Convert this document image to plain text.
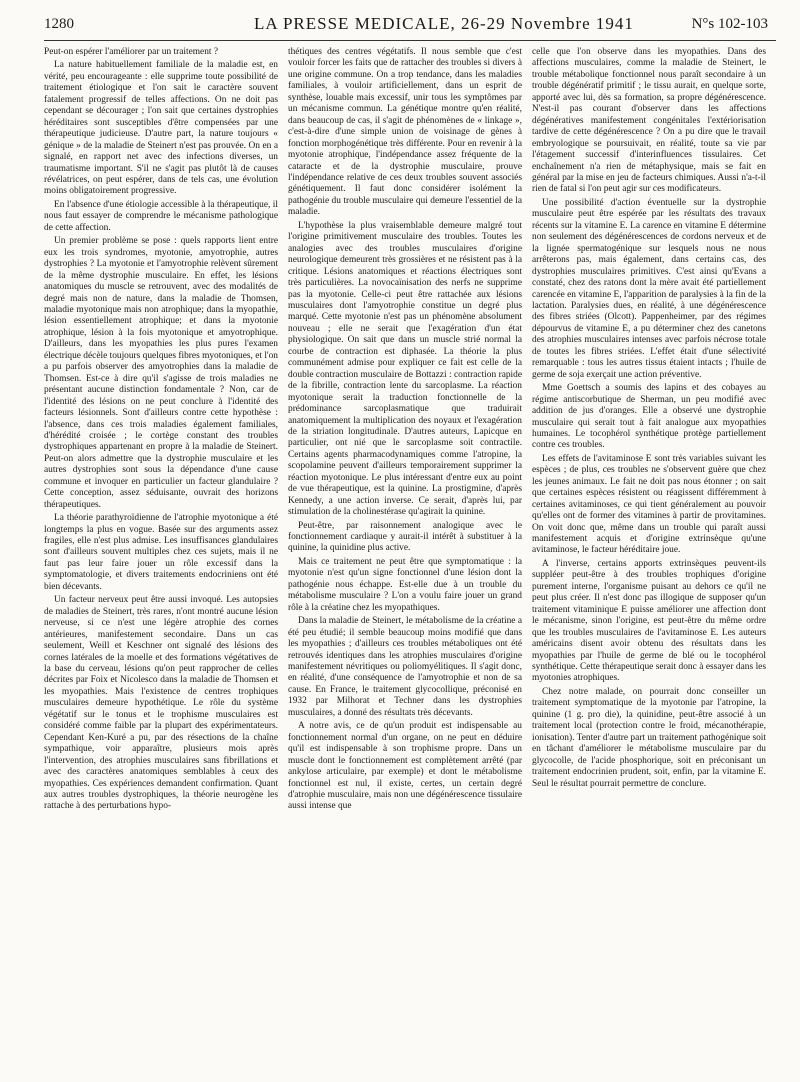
1280	LA PRESSE MEDICALE, 26-29 Novembre 1941	N°s 102-103

Peut-on espérer l'améliorer par un traitement ?

La nature habituellement familiale de la maladie est, en vérité, peu encourageante : elle supprime toute possibilité de traitement étiologique et l'on sait le caractère souvent fatalement progressif de telles affections. On ne doit pas cependant se décourager ; l'on sait que certaines dystrophies héréditaires sont susceptibles d'être compensées par une thérapeutique judicieuse. D'autre part, la nature toujours « génique » de la maladie de Steinert n'est pas prouvée. On en a signalé, en rapport net avec des infections diverses, un traumatisme important. S'il ne s'agit pas plutôt là de causes révélatrices, on peut espérer, dans de tels cas, une évolution moins obligatoirement progressive.

En l'absence d'une étiologie accessible à la thérapeutique, il nous faut essayer de comprendre le mécanisme pathologique de cette affection.

Un premier problème se pose : quels rapports lient entre eux les trois syndromes, myotonie, amyotrophie, autres dystrophies ? La myotonie et l'amyotrophie relèvent sûrement de la même dystrophie musculaire. En effet, les lésions anatomiques du muscle se retrouvent, avec des modalités de degré mais non de nature, dans la maladie de Thomsen, maladie myotonique mais non atrophique; dans la myopathie, lésion essentiellement atrophique; et dans la myotonie atrophique, lésion à la fois myotonique et amyotrophique. D'ailleurs, dans les myopathies les plus pures l'examen électrique décèle toujours quelques fibres myotoniques, et l'on a pu parfois observer des amyotrophies dans la maladie de Thomsen. Est-ce à dire qu'il s'agisse de trois maladies ne présentant aucune distinction fondamentale ? Non, car de l'identité des lésions on ne peut conclure à l'identité des facteurs lésionnels. Sont d'ailleurs contre cette hypothèse : l'absence, dans ces trois maladies également familiales, d'hérédité croisée ; le cortège constant des troubles dystrophiques appartenant en propre à la maladie de Steinert. Peut-on alors admettre que la dystrophie musculaire et les autres dystrophies sont sous la dépendance d'une cause commune et invoquer en particulier un facteur glandulaire ? Cette conception, assez séduisante, ouvrait des horizons thérapeutiques.

La théorie parathyroïdienne de l'atrophie myotonique a été longtemps la plus en vogue. Basée sur des arguments assez fragiles, elle n'est plus admise. Les insuffisances glandulaires sont d'ailleurs souvent multiples chez ces sujets, mais il ne faut pas leur faire jouer un rôle excessif dans la symptomatologie, et divers traitements endocriniens ont été bien décevants.

Un facteur nerveux peut être aussi invoqué. Les autopsies de maladies de Steinert, très rares, n'ont montré aucune lésion nerveuse, si ce n'est une légère atrophie des cornes antérieures, manifestement secondaire. Dans un cas seulement, Weill et Keschner ont signalé des lésions des cornes latérales de la moelle et des formations végétatives de la base du cerveau, lésions qu'on peut rapprocher de celles décrites par Foix et Nicolesco dans la maladie de Thomsen et les myopathies. Mais l'existence de centres trophiques musculaires demeure hypothétique. Le rôle du système végétatif sur le tonus et le trophisme musculaires est considéré comme faible par la plupart des expérimentateurs. Cependant Ken-Kuré a pu, par des résections de la chaîne sympathique, voir apparaître, plusieurs mois après l'intervention, des atrophies musculaires sans fibrillations et avec des caractères anatomiques semblables à ceux des myopathies. Ces expériences demandent confirmation. Quant aux autres troubles dystrophiques, la théorie neurogène les rattache à des perturbations hypo-

thétiques des centres végétatifs. Il nous semble que c'est vouloir forcer les faits que de rattacher des troubles si divers à une origine commune. On a trop tendance, dans les maladies familiales, à vouloir artificiellement, dans un esprit de synthèse, louable mais excessif, unir tous les symptômes par un mécanisme commun. La génétique montre qu'en réalité, dans beaucoup de cas, il s'agit de phénomènes de « linkage », c'est-à-dire d'une simple union de voisinage de gènes à fonction morphogénétique très différente. Pour en revenir à la myotonie atrophique, l'indépendance assez fréquente de la cataracte et de la dystrophie musculaire, prouve l'indépendance relative de ces deux troubles souvent associés génétiquement. Il faut donc considérer isolément la pathogénie du trouble musculaire qui demeure l'essentiel de la maladie.

L'hypothèse la plus vraisemblable demeure malgré tout l'origine primitivement musculaire des troubles. Toutes les analogies avec des troubles musculaires d'origine neurologique demeurent très grossières et ne résistent pas à la critique. Lésions anatomiques et réactions électriques sont très particulières. La novocaïnisation des nerfs ne supprime pas la myotonie. Celle-ci peut être rattachée aux lésions musculaires dont l'amyotrophie constitue un degré plus marqué. Cette myotonie n'est pas un phénomène absolument nouveau ; elle ne serait que l'exagération d'un état physiologique. On sait que dans un muscle strié normal la courbe de contraction est diphasée. La théorie la plus communément admise pour expliquer ce fait est celle de la double contraction musculaire de Bottazzi : contraction rapide de la fibrille, contraction lente du sarcoplasme. La réaction myotonique serait la traduction fonctionnelle de la prédominance sarcoplasmatique que traduirait anatomiquement la multiplication des noyaux et l'exagération de la striation longitudinale. D'autres auteurs, Lapicque en particulier, ont nié que le sarcoplasme soit contractile. Certains agents pharmacodynamiques comme l'atropine, la scopolamine peuvent d'ailleurs temporairement supprimer la réaction myotonique. Le plus intéressant d'entre eux au point de vue thérapeutique, est la quinine. La prostigmine, d'après Kennedy, a une action inverse. Ce serait, d'après lui, par stimulation de la cholinestérase qu'agirait la quinine.

Peut-être, par raisonnement analogique avec le fonctionnement cardiaque y aurait-il intérêt à substituer à la quinine, la quinidine plus active.

Mais ce traitement ne peut être que symptomatique : la myotonie n'est qu'un signe fonctionnel d'une lésion dont la pathogénie nous échappe. Est-elle due à un trouble du métabolisme musculaire ? L'on a voulu faire jouer un grand rôle à la créatine chez les myopathiques.

Dans la maladie de Steinert, le métabolisme de la créatine a été peu étudié; il semble beaucoup moins modifié que dans les myopathies ; d'ailleurs ces troubles métaboliques ont été retrouvés identiques dans les atrophies musculaires d'origine manifestement névritiques ou poliomyélitiques. Il s'agit donc, en réalité, d'une conséquence de l'amyotrophie et non de sa cause. En France, le traitement glycocollique, préconisé en 1932 par Milhorat et Techner dans les dystrophies musculaires, a donné des résultats très décevants.

A notre avis, ce de qu'un produit est indispensable au fonctionnement normal d'un organe, on ne peut en déduire qu'il est indispensable à son trophisme propre. Dans un muscle dont le fonctionnement est complètement arrêté (par ankylose articulaire, par exemple) et dont le métabolisme fonctionnel est nul, il existe, certes, un certain degré d'atrophie musculaire, mais non une dégénérescence tissulaire aussi intense que

celle que l'on observe dans les myopathies. Dans des affections musculaires, comme la maladie de Steinert, le trouble métabolique fonctionnel nous paraît secondaire à un trouble dégénératif primitif ; le tissu aurait, en quelque sorte, apporté avec lui, dès sa formation, sa propre dégénérescence. N'est-il pas courant d'observer dans les affections dégénératives manifestement congénitales l'extériorisation tardive de cette dégénérescence ? On a pu dire que le travail embryologique se poursuivait, en réalité, toute sa vie par l'étagement successif d'interinfluences tissulaires. Cet enchaînement n'a rien de métaphysique, mais se fait en général par la mise en jeu de facteurs chimiques. Aussi n'a-t-il rien de fatal si l'on peut agir sur ces modificateurs.

Une possibilité d'action éventuelle sur la dystrophie musculaire peut être espérée par les résultats des travaux récents sur la vitamine E. La carence en vitamine E détermine non seulement des dégénérescences de cordons nerveux et de la lignée spermatogénique sur lesquels nous ne nous arrêterons pas, mais également, dans certains cas, des dystrophies musculaires primitives. C'est ainsi qu'Evans a constaté, chez des ratons dont la mère avait été partiellement carencée en vitamine E, l'apparition de paralysies à la fin de la lactation. Paralysies dues, en réalité, à une dégénérescence des fibres striées (Olcott). Pappenheimer, par des régimes dépourvus de vitamine E, a pu déterminer chez des canetons des atrophies musculaires intenses avec parfois nécrose totale de toutes les fibres striées. L'effet était d'une sélectivité remarquable : tous les autres tissus étaient intacts ; l'huile de germe de soja exerçait une action préventive.

Mme Goettsch a soumis des lapins et des cobayes au régime antiscorbutique de Sherman, un peu modifié avec addition de jus d'oranges. Elle a observé une dystrophie musculaire qui serait tout à fait analogue aux myopathies humaines. Le tocophérol synthétique protège partiellement contre ces troubles.

Les effets de l'avitaminose E sont très variables suivant les espèces ; de plus, ces troubles ne s'observent guère que chez les jeunes animaux. Le fait ne doit pas nous étonner ; on sait que certaines espèces résistent ou réagissent différemment à certaines avitaminoses, ce qui tient généralement au pouvoir qu'elles ont de former des vitamines à partir de provitamines. On voit donc que, même dans un trouble qui paraît aussi manifestement acquis et d'origine extrinsèque qu'une avitaminose, le facteur héréditaire joue.

A l'inverse, certains apports extrinsèques peuvent-ils suppléer peut-être à des troubles trophiques d'origine purement interne, l'organisme puisant au dehors ce qu'il ne peut plus créer. Il n'est donc pas illogique de supposer qu'un traitement vitaminique E puisse améliorer une affection dont le mécanisme, sinon l'origine, est peut-être du même ordre que les troubles musculaires de l'avitaminose E. Les auteurs américains disent avoir obtenu des résultats dans les myopathies par l'huile de germe de blé ou le tocophérol synthétique. Cette thérapeutique serait donc à essayer dans les myotonies atrophiques.

Chez notre malade, on pourrait donc conseiller un traitement symptomatique de la myotonie par l'atropine, la quinine (1 g. pro die), la quinidine, peut-être associé à un traitement local (protection contre le froid, mécanothérapie, ionisation). Tenter d'autre part un traitement pathogénique soit en tâchant d'améliorer le métabolisme musculaire par du glycocolle, de l'acide phosphorique, soit en préconisant un traitement endocrinien prudent, soit, enfin, par la vitamine E. Seul le résultat pourrait permettre de conclure.
